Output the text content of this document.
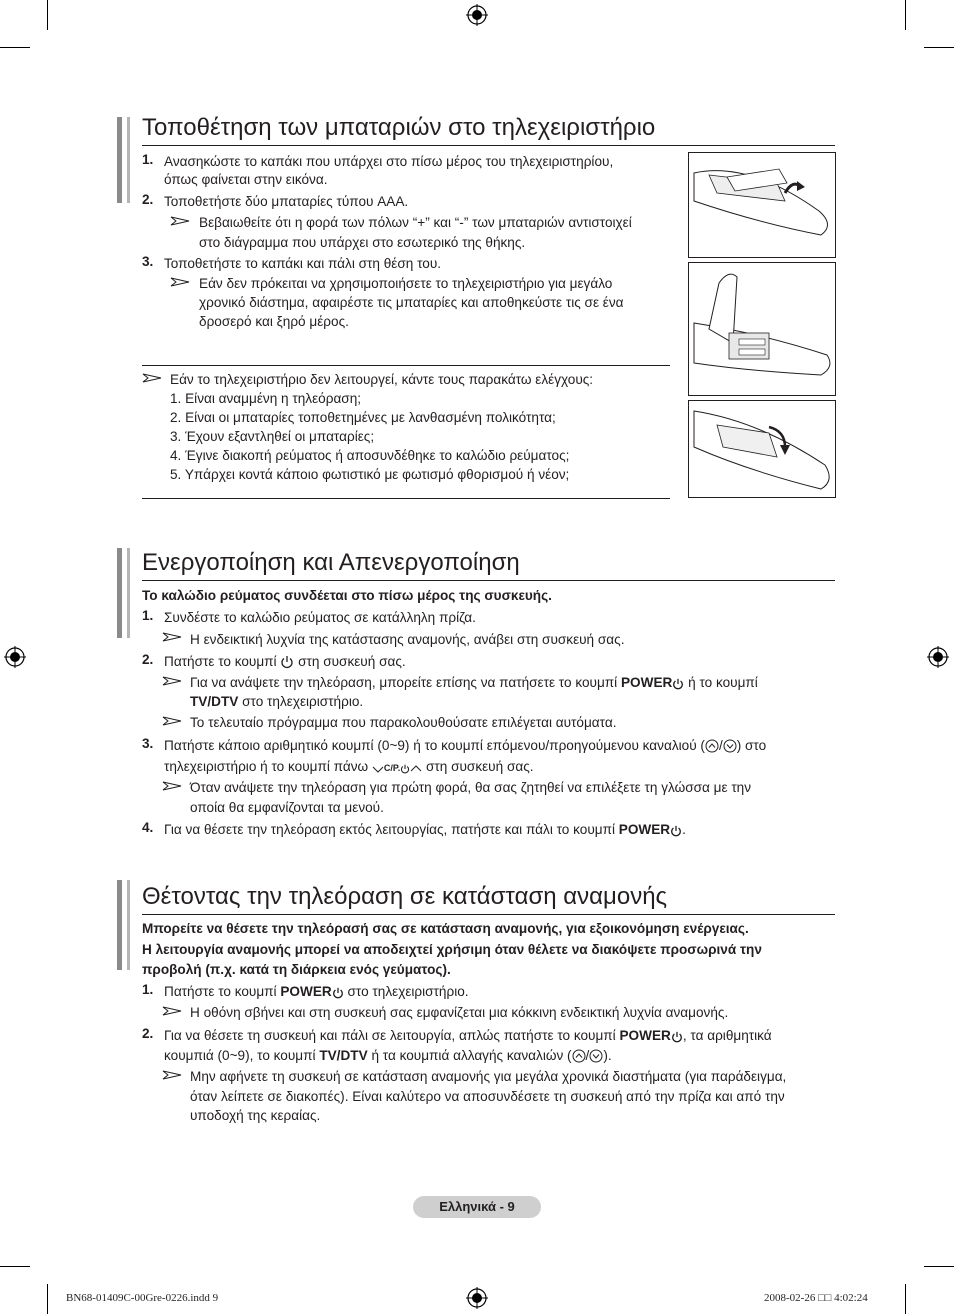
Τοποθέτηση των μπαταριών στο τηλεχειριστήριο
1. Ανασηκώστε το καπάκι που υπάρχει στο πίσω μέρος του τηλεχειριστηρίου,
όπως φαίνεται στην εικόνα.
2. Τοποθετήστε δύο μπαταρίες τύπου AAA.
Βεβαιωθείτε ότι η φορά των πόλων “+” και “-” των μπαταριών αντιστοιχεί
στο διάγραμμα που υπάρχει στο εσωτερικό της θήκης.
3. Τοποθετήστε το καπάκι και πάλι στη θέση του.
Εάν δεν πρόκειται να χρησιμοποιήσετε το τηλεχειριστήριο για μεγάλο
χρονικό διάστημα, αφαιρέστε τις μπαταρίες και αποθηκεύστε τις σε ένα
δροσερό και ξηρό μέρος.
Εάν το τηλεχειριστήριο δεν λειτουργεί, κάντε τους παρακάτω ελέγχους:
1. Είναι αναμμένη η τηλεόραση;
2. Είναι οι μπαταρίες τοποθετημένες με λανθασμένη πολικότητα;
3. Έχουν εξαντληθεί οι μπαταρίες;
4. Έγινε διακοπή ρεύματος ή αποσυνδέθηκε το καλώδιο ρεύματος;
5. Υπάρχει κοντά κάποιο φωτιστικό με φωτισμό φθορισμού ή νέον;
Ενεργοποίηση και Απενεργοποίηση
Το καλώδιο ρεύματος συνδέεται στο πίσω μέρος της συσκευής.
1. Συνδέστε το καλώδιο ρεύματος σε κατάλληλη πρίζα.
Η ενδεικτική λυχνία της κατάστασης αναμονής, ανάβει στη συσκευή σας.
2. Πατήστε το κουμπί στη συσκευή σας.
Για να ανάψετε την τηλεόραση, μπορείτε επίσης να πατήσετε το κουμπί POWER ή το κουμπί
TV/DTV στο τηλεχειριστήριο.
Το τελευταίο πρόγραμμα που παρακολουθούσατε επιλέγεται αυτόματα.
3. Πατήστε κάποιο αριθμητικό κουμπί (0~9) ή το κουμπί επόμενου/προηγούμενου καναλιού ( / ) στο
τηλεχειριστήριο ή το κουμπί πάνω C/P. στη συσκευή σας.
Όταν ανάψετε την τηλεόραση για πρώτη φορά, θα σας ζητηθεί να επιλέξετε τη γλώσσα με την
οποία θα εμφανίζονται τα μενού.
4. Για να θέσετε την τηλεόραση εκτός λειτουργίας, πατήστε και πάλι το κουμπί POWER .
Θέτοντας την τηλεόραση σε κατάσταση αναμονής
Μπορείτε να θέσετε την τηλεόρασή σας σε κατάσταση αναμονής, για εξοικονόμηση ενέργειας.
Η λειτουργία αναμονής μπορεί να αποδειχτεί χρήσιμη όταν θέλετε να διακόψετε προσωρινά την
προβολή (π.χ. κατά τη διάρκεια ενός γεύματος).
1. Πατήστε το κουμπί POWER στο τηλεχειριστήριο.
Η οθόνη σβήνει και στη συσκευή σας εμφανίζεται μια κόκκινη ενδεικτική λυχνία αναμονής.
2. Για να θέσετε τη συσκευή και πάλι σε λειτουργία, απλώς πατήστε το κουμπί POWER , τα αριθμητικά
κουμπιά (0~9), το κουμπί TV/DTV ή τα κουμπιά αλλαγής καναλιών ( / ).
Μην αφήνετε τη συσκευή σε κατάσταση αναμονής για μεγάλα χρονικά διαστήματα (για παράδειγμα,
όταν λείπετε σε διακοπές). Είναι καλύτερο να αποσυνδέσετε τη συσκευή από την πρίζα και από την
υποδοχή της κεραίας.
Ελληνικά - 9
BN68-01409C-00Gre-0226.indd 9	2008-02-26 □□ 4:02:24
